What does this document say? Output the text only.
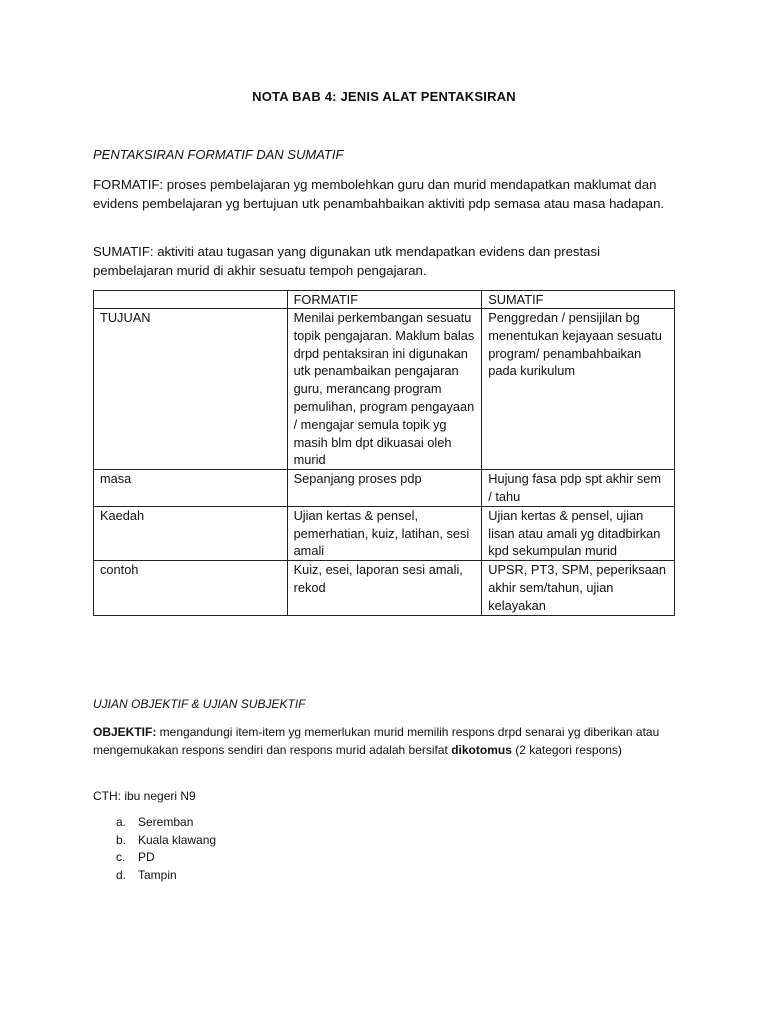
NOTA BAB 4: JENIS ALAT PENTAKSIRAN
PENTAKSIRAN FORMATIF DAN SUMATIF
FORMATIF: proses pembelajaran yg membolehkan guru dan murid mendapatkan maklumat dan evidens pembelajaran yg bertujuan utk penambahbaikan aktiviti pdp semasa atau masa hadapan.
SUMATIF: aktiviti atau tugasan yang digunakan utk mendapatkan evidens dan prestasi pembelajaran murid di akhir sesuatu tempoh pengajaran.
	FORMATIF	SUMATIF
TUJUAN	Menilai perkembangan sesuatu topik pengajaran. Maklum balas drpd pentaksiran ini digunakan utk penambaikan pengajaran guru, merancang program pemulihan, program pengayaan / mengajar semula topik yg masih blm dpt dikuasai oleh murid	Penggredan / pensijilan bg menentukan kejayaan sesuatu program/ penambahbaikan pada kurikulum
masa	Sepanjang proses pdp	Hujung fasa pdp spt akhir sem / tahu
Kaedah	Ujian kertas & pensel, pemerhatian, kuiz, latihan, sesi amali	Ujian kertas & pensel, ujian lisan atau amali yg ditadbirkan kpd sekumpulan murid
contoh	Kuiz, esei, laporan sesi amali, rekod	UPSR, PT3, SPM, peperiksaan akhir sem/tahun, ujian kelayakan
UJIAN OBJEKTIF & UJIAN SUBJEKTIF
OBJEKTIF: mengandungi item-item yg memerlukan murid memilih respons drpd senarai yg diberikan atau mengemukakan respons sendiri dan respons murid adalah bersifat dikotomus (2 kategori respons)
CTH: ibu negeri N9
a. Seremban
b. Kuala klawang
c.	PD
d. Tampin
